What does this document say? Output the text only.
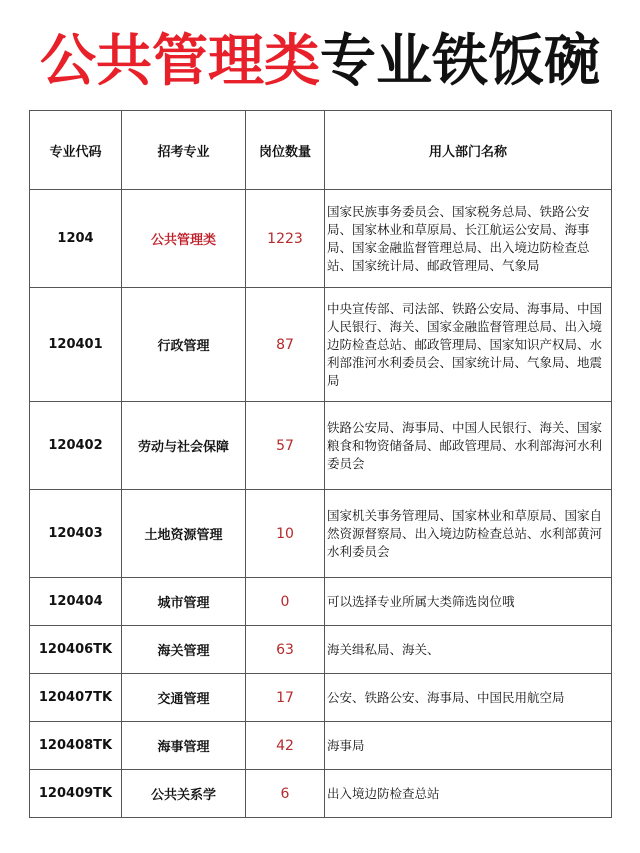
公共管理类专业铁饭碗
专业代码	招考专业	岗位数量	用人部门名称
1204	公共管理类	1223	国家民族事务委员会、国家税务总局、铁路公安局、国家林业和草原局、长江航运公安局、海事局、国家金融监督管理总局、出入境边防检查总站、国家统计局、邮政管理局、气象局
120401	行政管理	87	中央宣传部、司法部、铁路公安局、海事局、中国人民银行、海关、国家金融监督管理总局、出入境边防检查总站、邮政管理局、国家知识产权局、水利部淮河水利委员会、国家统计局、气象局、地震局
120402	劳动与社会保障	57	铁路公安局、海事局、中国人民银行、海关、国家粮食和物资储备局、邮政管理局、水利部海河水利委员会
120403	土地资源管理	10	国家机关事务管理局、国家林业和草原局、国家自然资源督察局、出入境边防检查总站、水利部黄河水利委员会
120404	城市管理	0	可以选择专业所属大类筛选岗位哦
120406TK	海关管理	63	海关缉私局、海关、
120407TK	交通管理	17	公安、铁路公安、海事局、中国民用航空局
120408TK	海事管理	42	海事局
120409TK	公共关系学	6	出入境边防检查总站
